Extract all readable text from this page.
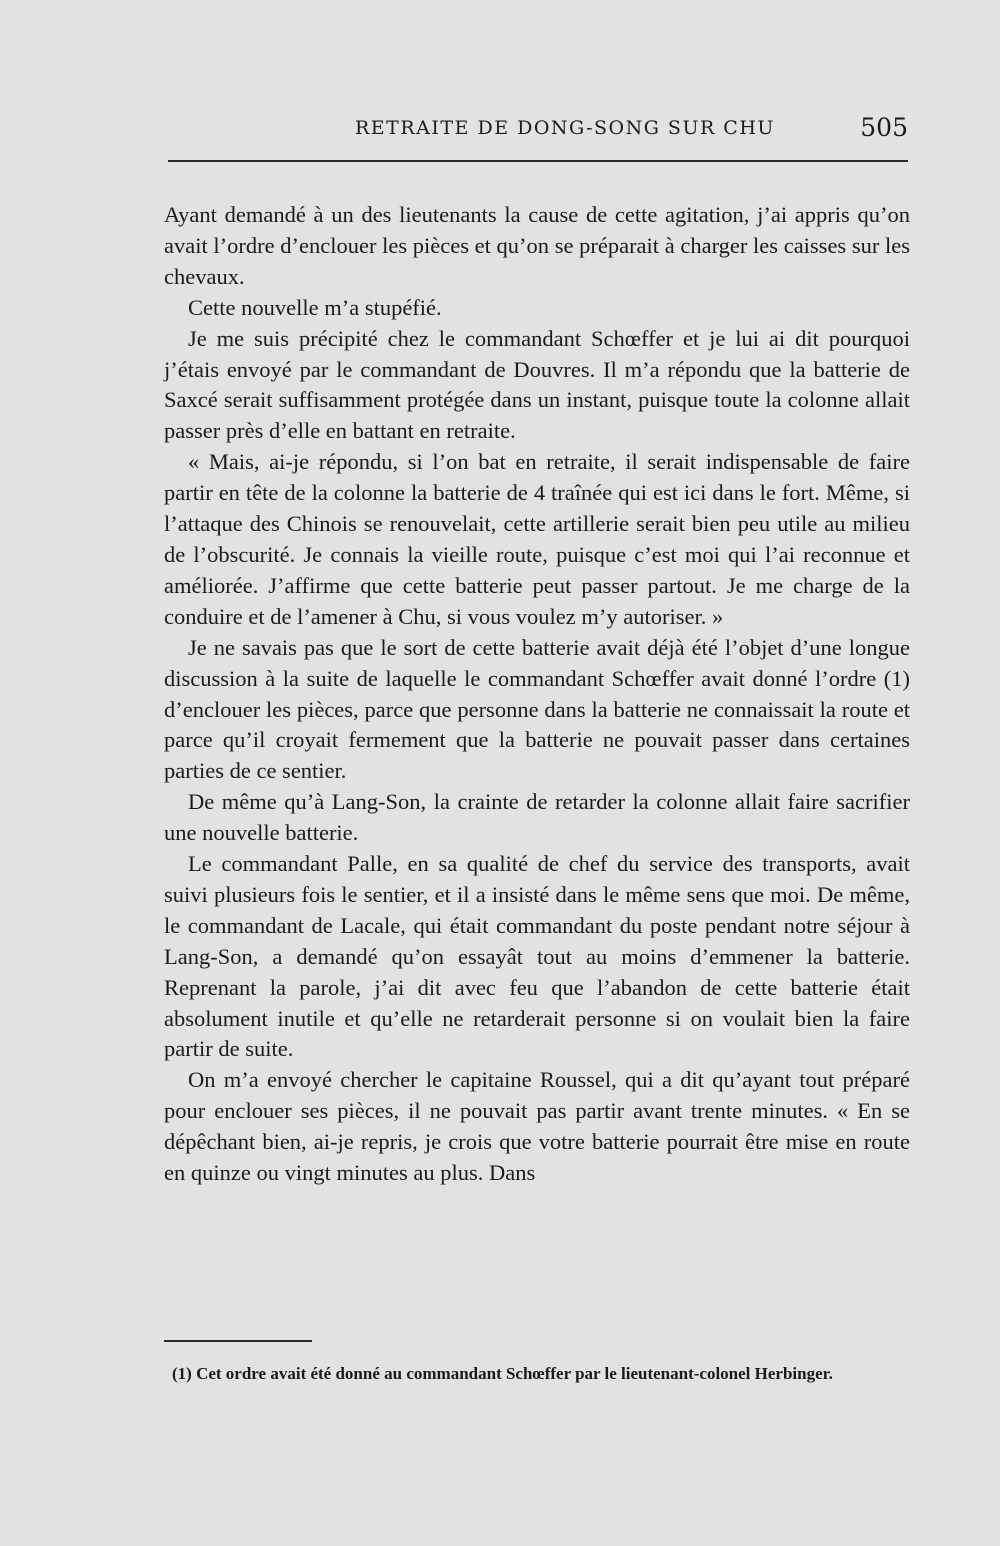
RETRAITE DE DONG-SONG SUR CHU	505

Ayant demandé à un des lieutenants la cause de cette agitation, j’ai appris qu’on avait l’ordre d’enclouer les pièces et qu’on se préparait à charger les caisses sur les chevaux.

Cette nouvelle m’a stupéfié.

Je me suis précipité chez le commandant Schœffer et je lui ai dit pourquoi j’étais envoyé par le commandant de Douvres. Il m’a répondu que la batterie de Saxcé serait suffisamment protégée dans un instant, puisque toute la colonne allait passer près d’elle en battant en retraite.

« Mais, ai-je répondu, si l’on bat en retraite, il serait indispensable de faire partir en tête de la colonne la batterie de 4 traînée qui est ici dans le fort. Même, si l’attaque des Chinois se renouvelait, cette artillerie serait bien peu utile au milieu de l’obscurité. Je connais la vieille route, puisque c’est moi qui l’ai reconnue et améliorée. J’affirme que cette batterie peut passer partout. Je me charge de la conduire et de l’amener à Chu, si vous voulez m’y autoriser. »

Je ne savais pas que le sort de cette batterie avait déjà été l’objet d’une longue discussion à la suite de laquelle le commandant Schœffer avait donné l’ordre (1) d’enclouer les pièces, parce que personne dans la batterie ne connaissait la route et parce qu’il croyait fermement que la batterie ne pouvait passer dans certaines parties de ce sentier.

De même qu’à Lang-Son, la crainte de retarder la colonne allait faire sacrifier une nouvelle batterie.

Le commandant Palle, en sa qualité de chef du service des transports, avait suivi plusieurs fois le sentier, et il a insisté dans le même sens que moi. De même, le commandant de Lacale, qui était commandant du poste pendant notre séjour à Lang-Son, a demandé qu’on essayât tout au moins d’emmener la batterie. Reprenant la parole, j’ai dit avec feu que l’abandon de cette batterie était absolument inutile et qu’elle ne retarderait personne si on voulait bien la faire partir de suite.

On m’a envoyé chercher le capitaine Roussel, qui a dit qu’ayant tout préparé pour enclouer ses pièces, il ne pouvait pas partir avant trente minutes. « En se dépêchant bien, ai-je repris, je crois que votre batterie pourrait être mise en route en quinze ou vingt minutes au plus. Dans

(1) Cet ordre avait été donné au commandant Schœffer par le lieutenant-colonel Herbinger.
